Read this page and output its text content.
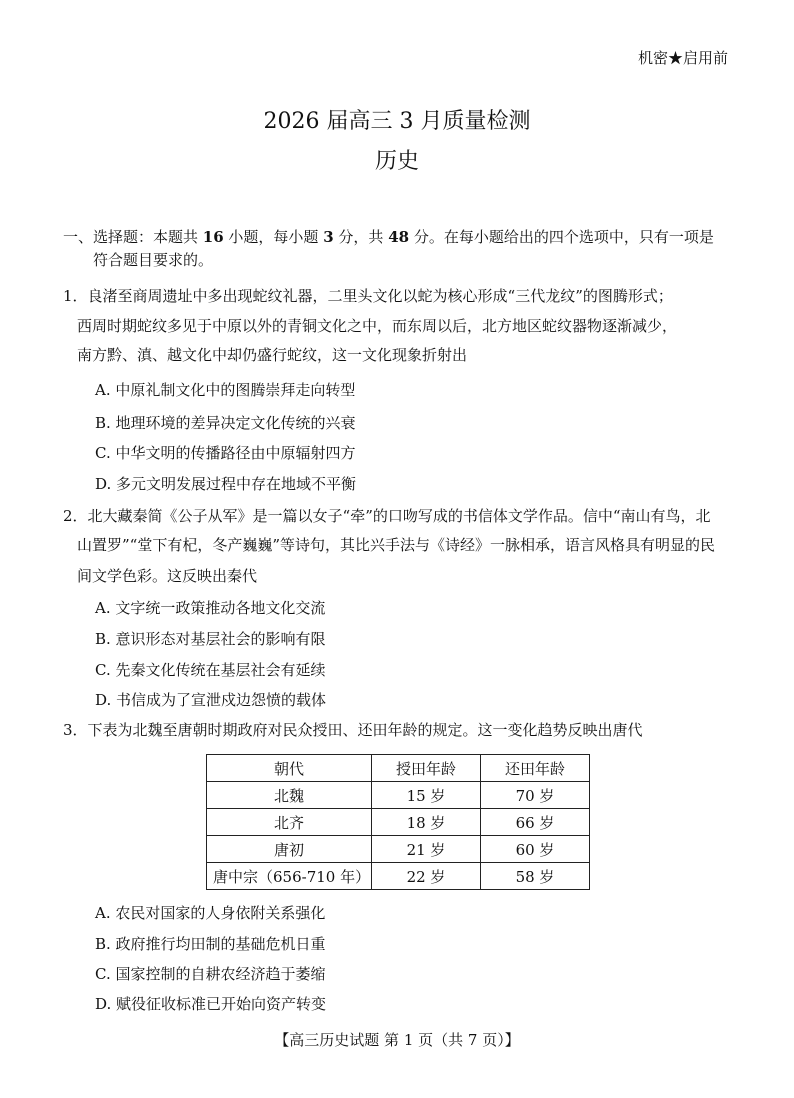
机密★启用前
2026 届高三 3 月质量检测
历史
一、选择题：本题共 16 小题，每小题 3 分，共 48 分。在每小题给出的四个选项中，只有一项是
符合题目要求的。
1．良渚至商周遗址中多出现蛇纹礼器，二里头文化以蛇为核心形成“三代龙纹”的图腾形式；
西周时期蛇纹多见于中原以外的青铜文化之中，而东周以后，北方地区蛇纹器物逐渐减少，
南方黔、滇、越文化中却仍盛行蛇纹，这一文化现象折射出
A. 中原礼制文化中的图腾崇拜走向转型
B. 地理环境的差异决定文化传统的兴衰
C. 中华文明的传播路径由中原辐射四方
D. 多元文明发展过程中存在地域不平衡
2．北大藏秦简《公子从军》是一篇以女子“牵”的口吻写成的书信体文学作品。信中“南山有鸟，北
山置罗”“堂下有杞，冬产巍巍”等诗句，其比兴手法与《诗经》一脉相承，语言风格具有明显的民
间文学色彩。这反映出秦代
A. 文字统一政策推动各地文化交流
B. 意识形态对基层社会的影响有限
C. 先秦文化传统在基层社会有延续
D. 书信成为了宣泄戍边怨愤的载体
3．下表为北魏至唐朝时期政府对民众授田、还田年龄的规定。这一变化趋势反映出唐代
朝代	授田年龄	还田年龄
北魏	15 岁	70 岁
北齐	18 岁	66 岁
唐初	21 岁	60 岁
唐中宗（656-710 年）	22 岁	58 岁
A. 农民对国家的人身依附关系强化
B. 政府推行均田制的基础危机日重
C. 国家控制的自耕农经济趋于萎缩
D. 赋役征收标准已开始向资产转变
【高三历史试题 第 1 页（共 7 页）】
